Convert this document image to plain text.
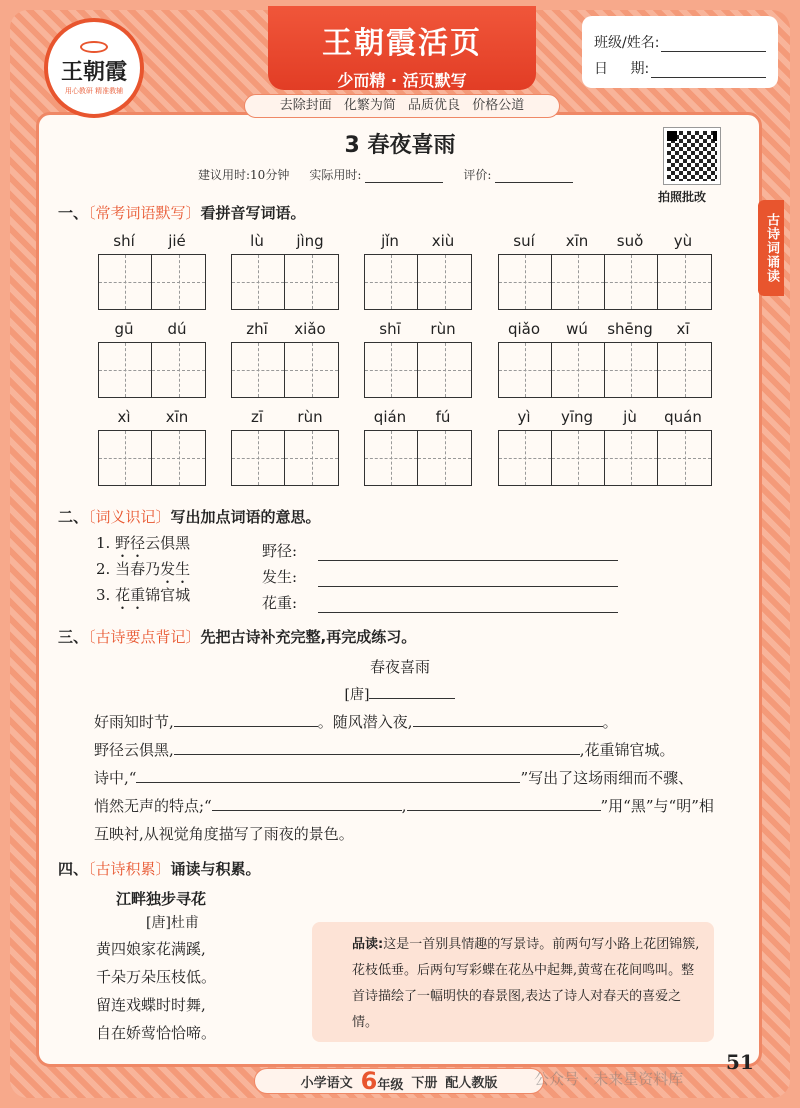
王朝霞
用心教研 精准教辅
王朝霞活页
少而精 · 活页默写
去除封面 化繁为简 品质优良 价格公道
班级/姓名:
日 期:
3 春夜喜雨
建议用时:10分钟 实际用时:	评价:
拍照批改
古诗词诵读
一、〔常考词语默写〕看拼音写词语。
shí jié	lù jìng	jǐn xiù	suí xīn suǒ yù
gū dú	zhī xiǎo	shī rùn	qiǎo wú shēng xī
xì xīn	zī rùn	qián fú	yì yīng jù quán
二、〔词义识记〕写出加点词语的意思。
1. 野径云俱黑	野径:
2. 当春乃发生	发生:
3. 花重锦官城	花重:
三、〔古诗要点背记〕先把古诗补充完整,再完成练习。
春夜喜雨
[唐]
好雨知时节,	。随风潜入夜,	。
野径云俱黑,	,花重锦官城。
诗中,“	”写出了这场雨细而不骤、
悄然无声的特点;“	,	”用“黑”与“明”相
互映衬,从视觉角度描写了雨夜的景色。
四、〔古诗积累〕诵读与积累。
江畔独步寻花
[唐]杜甫
黄四娘家花满蹊,
千朵万朵压枝低。
留连戏蝶时时舞,
自在娇莺恰恰啼。
品读:这是一首别具情趣的写景诗。前两句写小路上花团锦簇,花枝低垂。后两句写彩蝶在花丛中起舞,黄莺在花间鸣叫。整首诗描绘了一幅明快的春景图,表达了诗人对春天的喜爱之情。
小学语文 6年级 下册 配人教版
51
公众号 · 未来星资料库
